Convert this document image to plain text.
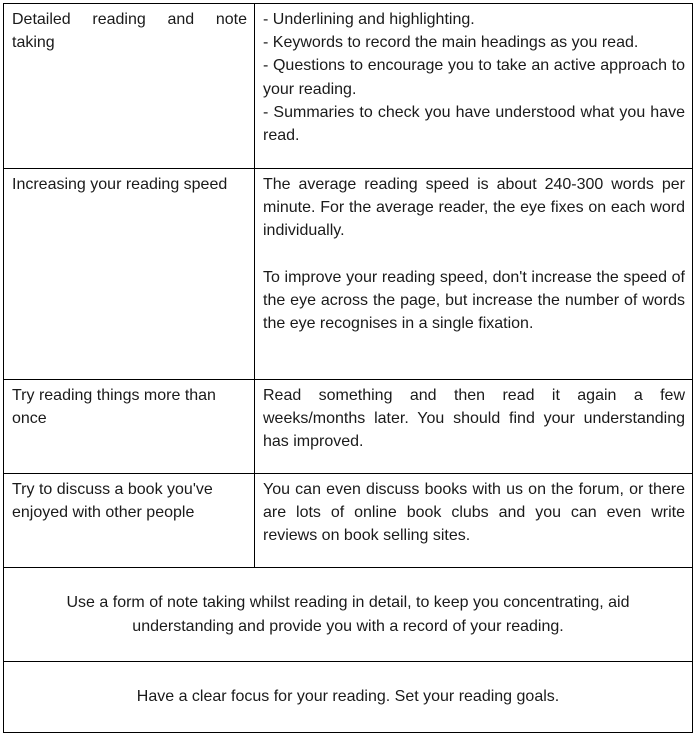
Detailed reading and note
taking	- Underlining and highlighting.
- Keywords to record the main headings as you read.
- Questions to encourage you to take an active approach to your reading.
- Summaries to check you have understood what you have read.

Increasing your reading speed	The average reading speed is about 240-300 words per minute. For the average reader, the eye fixes on each word individually.
To improve your reading speed, don't increase the speed of the eye across the page, but increase the number of words the eye recognises in a single fixation.

Try reading things more than once	Read something and then read it again a few weeks/months later. You should find your understanding has improved.

Try to discuss a book you've enjoyed with other people	You can even discuss books with us on the forum, or there are lots of online book clubs and you can even write reviews on book selling sites.

Use a form of note taking whilst reading in detail, to keep you concentrating, aid understanding and provide you with a record of your reading.	
Have a clear focus for your reading. Set your reading goals.	
